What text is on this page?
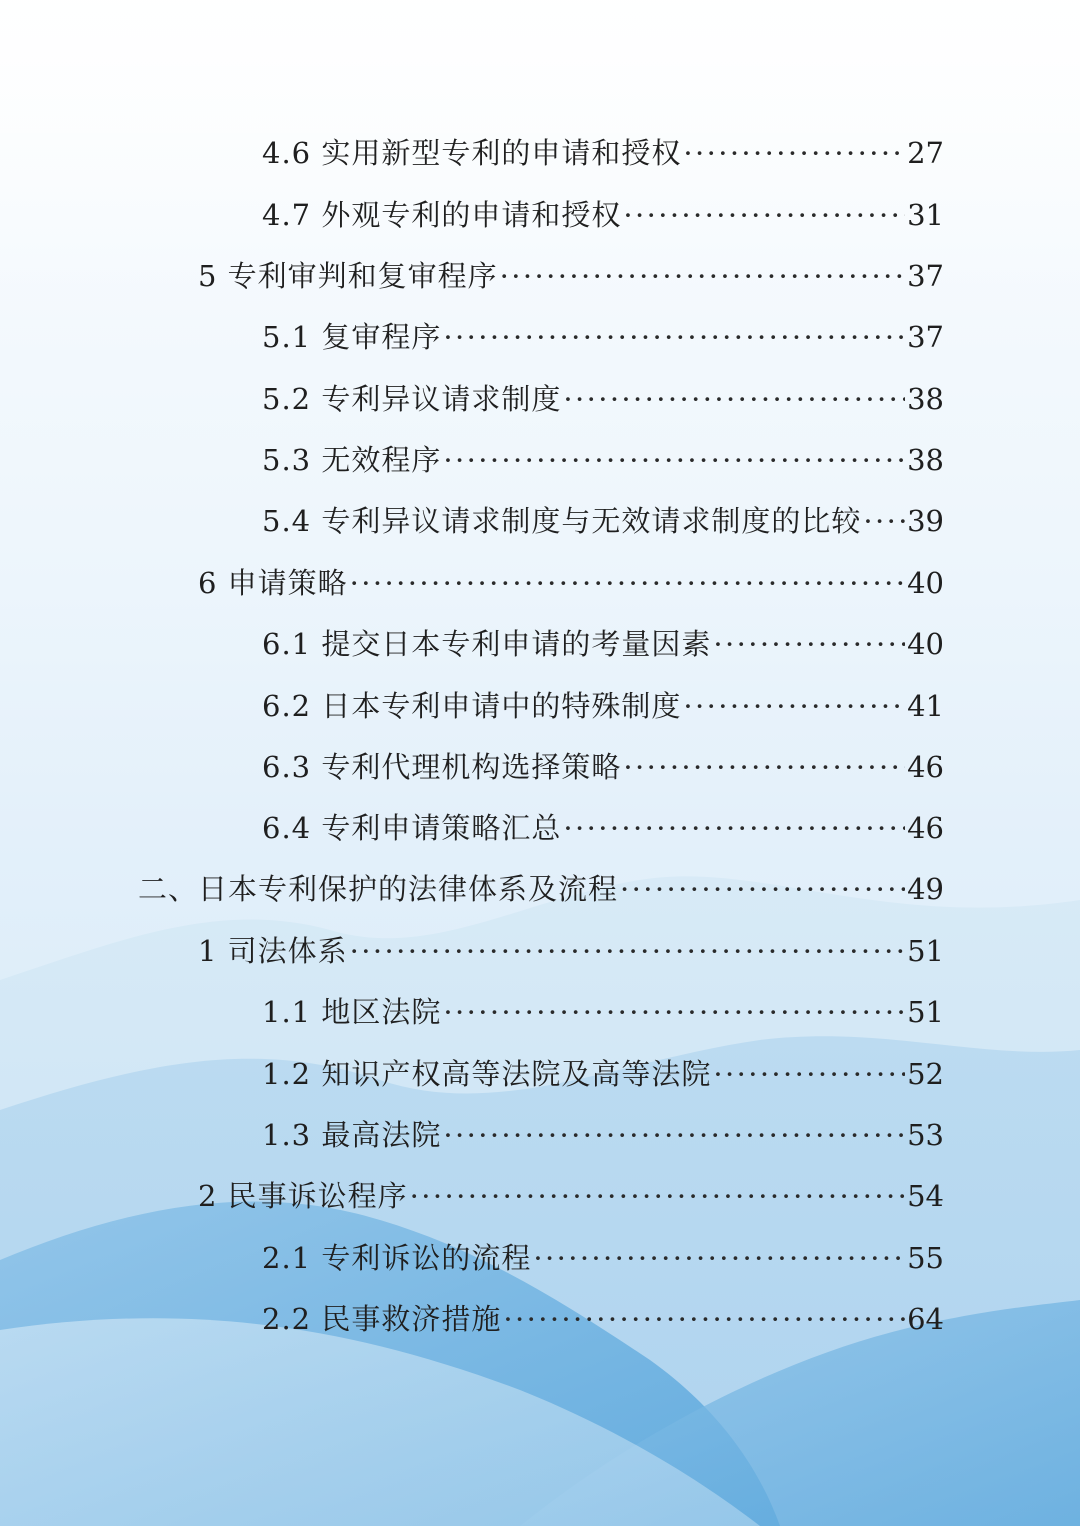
4.6 实用新型专利的申请和授权 ·····	27
4.7 外观专利的申请和授权 ·····	31
5 专利审判和复审程序 ·····	37
5.1 复审程序 ·····	37
5.2 专利异议请求制度 ·····	38
5.3 无效程序 ·····	38
5.4 专利异议请求制度与无效请求制度的比较 ····· 39
6 申请策略 ·····	40
6.1 提交日本专利申请的考量因素 ·····	40
6.2 日本专利申请中的特殊制度 ·····	41
6.3 专利代理机构选择策略 ·····	46
6.4 专利申请策略汇总 ·····	46
二、日本专利保护的法律体系及流程 ·····	49
1 司法体系 ·····	51
1.1 地区法院 ·····	51
1.2 知识产权高等法院及高等法院 ·····	52
1.3 最高法院 ·····	53
2 民事诉讼程序 ·····	54
2.1 专利诉讼的流程 ·····	55
2.2 民事救济措施 ·····	64
